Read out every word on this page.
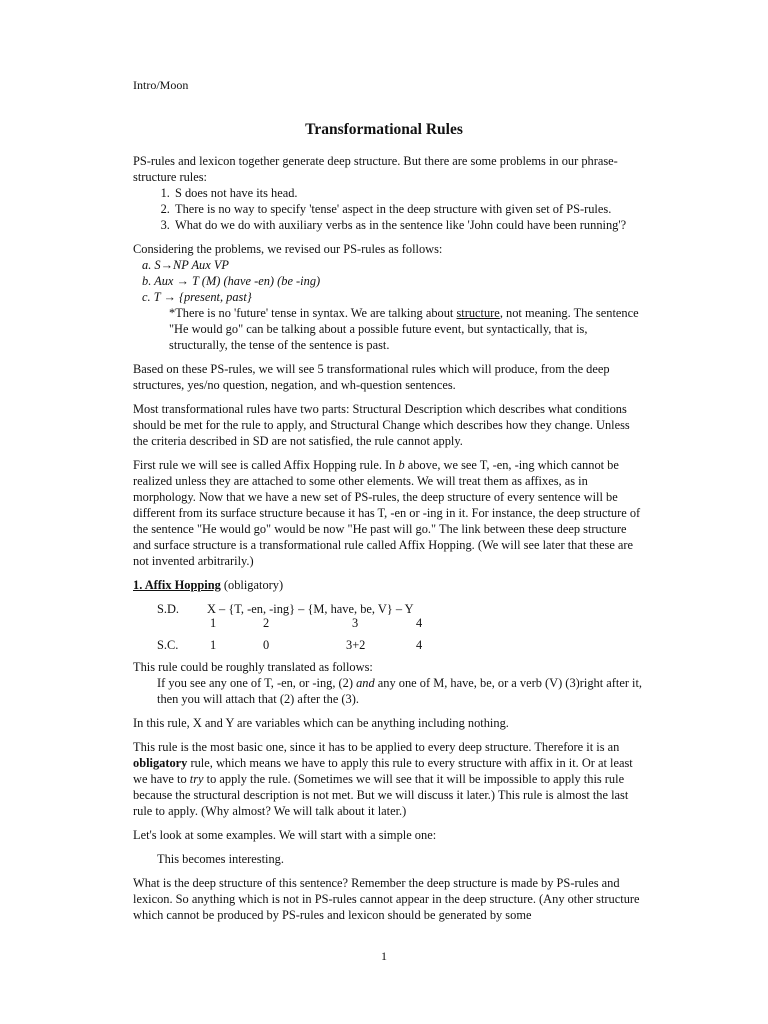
Intro/Moon
Transformational Rules

PS-rules and lexicon together generate deep structure. But there are some problems in our phrase-structure rules:

1. S does not have its head.
2. There is no way to specify 'tense' aspect in the deep structure with given set of PS-rules.
3. What do we do with auxiliary verbs as in the sentence like 'John could have been running'?

Considering the problems, we revised our PS-rules as follows:

a. S→NP Aux VP
b. Aux → T (M) (have -en) (be -ing)
c. T → {present, past}

*There is no 'future' tense in syntax. We are talking about structure, not meaning. The sentence "He would go" can be talking about a possible future event, but syntactically, that is, structurally, the tense of the sentence is past.

Based on these PS-rules, we will see 5 transformational rules which will produce, from the deep structures, yes/no question, negation, and wh-question sentences.

Most transformational rules have two parts: Structural Description which describes what conditions should be met for the rule to apply, and Structural Change which describes how they change. Unless the criteria described in SD are not satisfied, the rule cannot apply.

First rule we will see is called Affix Hopping rule. In b above, we see T, -en, -ing which cannot be realized unless they are attached to some other elements. We will treat them as affixes, as in morphology. Now that we have a new set of PS-rules, the deep structure of every sentence will be different from its surface structure because it has T, -en or -ing in it. For instance, the deep structure of the sentence "He would go" would be now "He past will go." The link between these deep structure and surface structure is a transformational rule called Affix Hopping. (We will see later that these are not invented arbitrarily.)

1. Affix Hopping (obligatory)

S.D. X – {T, -en, -ing} – {M, have, be, V} – Y
1	2	3	4
S.C.	1	0	3+2	4

This rule could be roughly translated as follows:

If you see any one of T, -en, or -ing, (2) and any one of M, have, be, or a verb (V) (3)right after it, then you will attach that (2) after the (3).

In this rule, X and Y are variables which can be anything including nothing.

This rule is the most basic one, since it has to be applied to every deep structure. Therefore it is an obligatory rule, which means we have to apply this rule to every structure with affix in it. Or at least we have to try to apply the rule. (Sometimes we will see that it will be impossible to apply this rule because the structural description is not met. But we will discuss it later.) This rule is almost the last rule to apply. (Why almost? We will talk about it later.)

Let's look at some examples. We will start with a simple one:

This becomes interesting.

What is the deep structure of this sentence? Remember the deep structure is made by PS-rules and lexicon. So anything which is not in PS-rules cannot appear in the deep structure. (Any other structure which cannot be produced by PS-rules and lexicon should be generated by some

1
